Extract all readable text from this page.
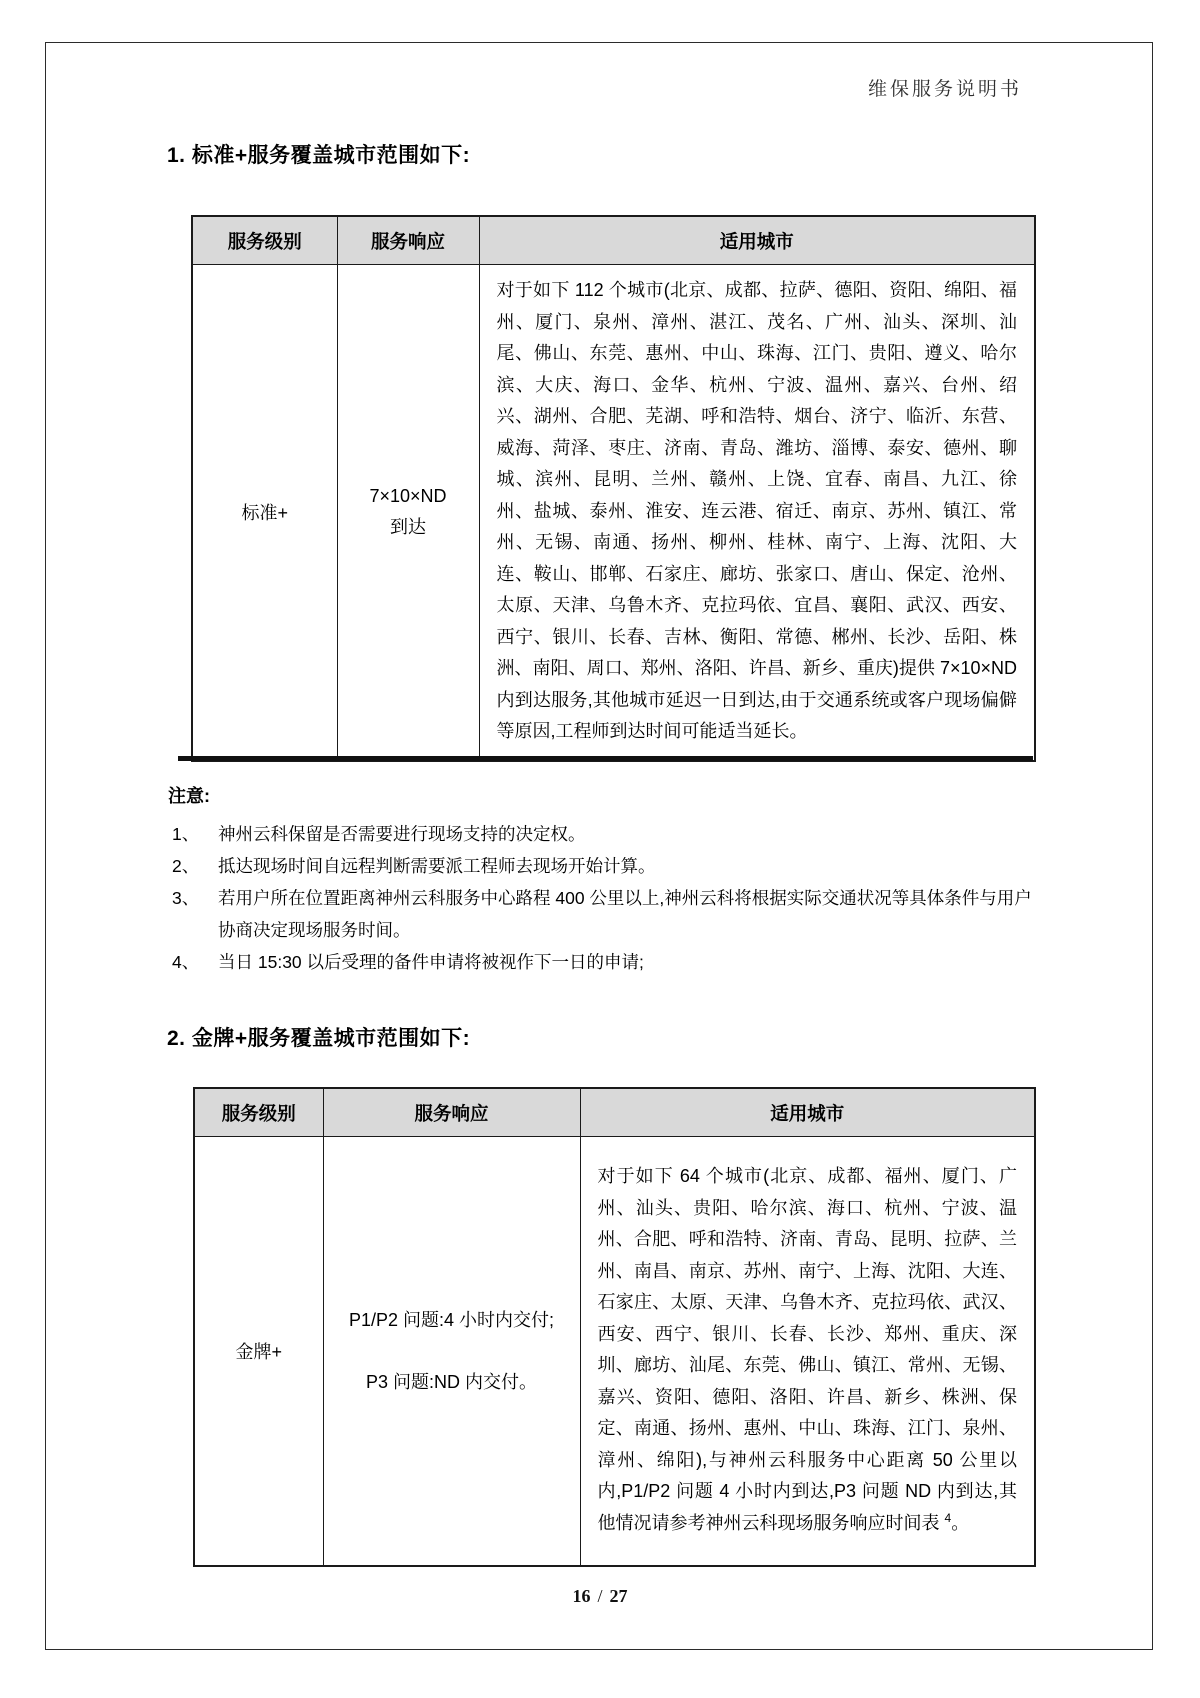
维保服务说明书
1. 标准+服务覆盖城市范围如下:
服务级别	服务响应	适用城市
标准+	7×10×ND
到达	对于如下 112 个城市(北京、成都、拉萨、德阳、资阳、绵阳、福州、厦门、泉州、漳州、湛江、茂名、广州、汕头、深圳、汕尾、佛山、东莞、惠州、中山、珠海、江门、贵阳、遵义、哈尔滨、大庆、海口、金华、杭州、宁波、温州、嘉兴、台州、绍兴、湖州、合肥、芜湖、呼和浩特、烟台、济宁、临沂、东营、威海、菏泽、枣庄、济南、青岛、潍坊、淄博、泰安、德州、聊城、滨州、昆明、兰州、赣州、上饶、宜春、南昌、九江、徐州、盐城、泰州、淮安、连云港、宿迁、南京、苏州、镇江、常州、无锡、南通、扬州、柳州、桂林、南宁、上海、沈阳、大连、鞍山、邯郸、石家庄、廊坊、张家口、唐山、保定、沧州、太原、天津、乌鲁木齐、克拉玛依、宜昌、襄阳、武汉、西安、西宁、银川、长春、吉林、衡阳、常德、郴州、长沙、岳阳、株洲、南阳、周口、郑州、洛阳、许昌、新乡、重庆)提供 7×10×ND 内到达服务,其他城市延迟一日到达,由于交通系统或客户现场偏僻等原因,工程师到达时间可能适当延长。

注意:
1、	神州云科保留是否需要进行现场支持的决定权。
2、	抵达现场时间自远程判断需要派工程师去现场开始计算。
3、	若用户所在位置距离神州云科服务中心路程 400 公里以上,神州云科将根据实际交通状况等具体条件与用户协商决定现场服务时间。
4、	当日 15:30 以后受理的备件申请将被视作下一日的申请;
2. 金牌+服务覆盖城市范围如下:
服务级别	服务响应	适用城市
金牌+	P1/P2 问题:4 小时内交付;

P3 问题:ND 内交付。	对于如下 64 个城市(北京、成都、福州、厦门、广州、汕头、贵阳、哈尔滨、海口、杭州、宁波、温州、合肥、呼和浩特、济南、青岛、昆明、拉萨、兰州、南昌、南京、苏州、南宁、上海、沈阳、大连、石家庄、太原、天津、乌鲁木齐、克拉玛依、武汉、西安、西宁、银川、长春、长沙、郑州、重庆、深圳、廊坊、汕尾、东莞、佛山、镇江、常州、无锡、嘉兴、资阳、德阳、洛阳、许昌、新乡、株洲、保定、南通、扬州、惠州、中山、珠海、江门、泉州、漳州、绵阳),与神州云科服务中心距离 50 公里以内,P1/P2 问题 4 小时内到达,P3 问题 ND 内到达,其他情况请参考神州云科现场服务响应时间表 $^4$。

16 / 27
